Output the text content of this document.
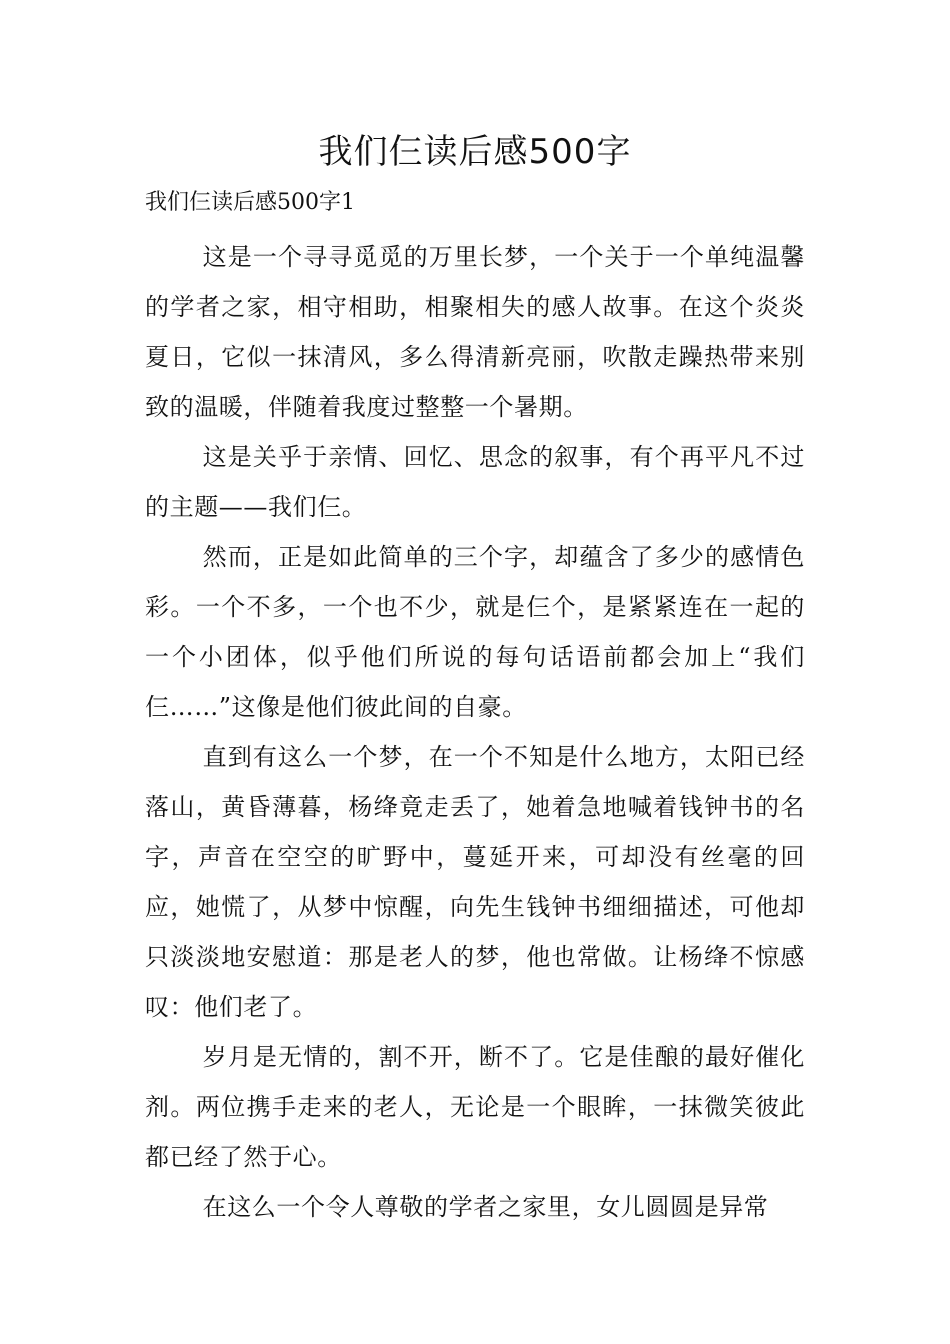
我们仨读后感500字
我们仨读后感500字1

这是一个寻寻觅觅的万里长梦，一个关于一个单纯温馨的学者之家，相守相助，相聚相失的感人故事。在这个炎炎夏日，它似一抹清风，多么得清新亮丽，吹散走躁热带来别致的温暖，伴随着我度过整整一个暑期。

这是关乎于亲情、回忆、思念的叙事，有个再平凡不过的主题——我们仨。

然而，正是如此简单的三个字，却蕴含了多少的感情色彩。一个不多，一个也不少，就是仨个，是紧紧连在一起的一个小团体，似乎他们所说的每句话语前都会加上“我们仨……”这像是他们彼此间的自豪。

直到有这么一个梦，在一个不知是什么地方，太阳已经落山，黄昏薄暮，杨绛竟走丢了，她着急地喊着钱钟书的名字，声音在空空的旷野中，蔓延开来，可却没有丝毫的回应，她慌了，从梦中惊醒，向先生钱钟书细细描述，可他却只淡淡地安慰道：那是老人的梦，他也常做。让杨绛不惊感叹：他们老了。

岁月是无情的，割不开，断不了。它是佳酿的最好催化剂。两位携手走来的老人，无论是一个眼眸，一抹微笑彼此都已经了然于心。

在这么一个令人尊敬的学者之家里，女儿圆圆是异常
